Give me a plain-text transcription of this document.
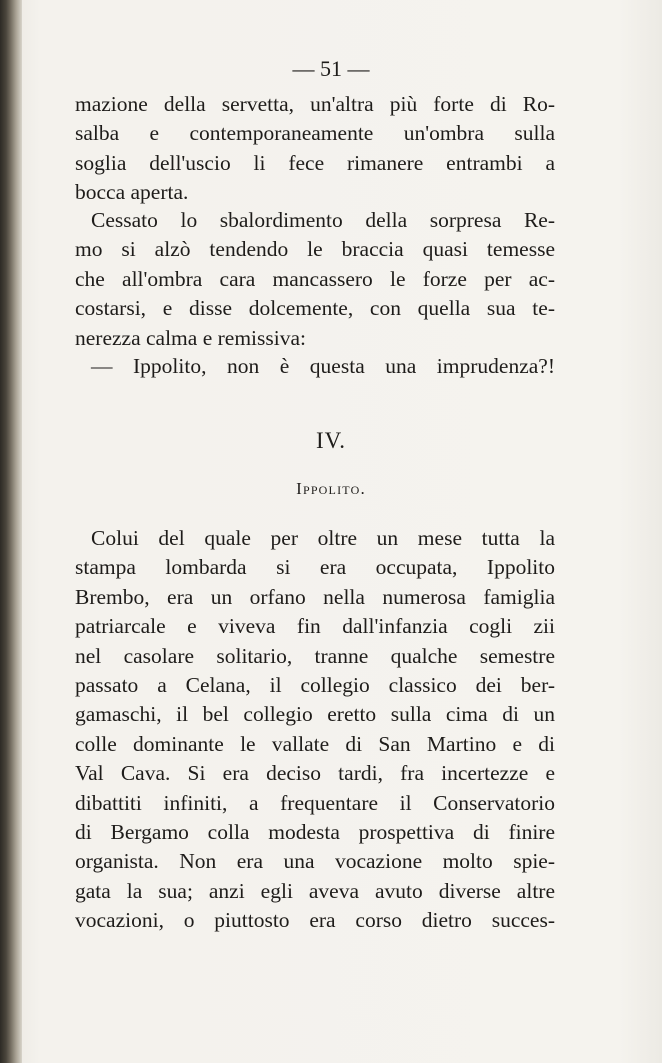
— 51 —

mazione della servetta, un'altra più forte di Ro-
salba e contemporaneamente un'ombra sulla
soglia dell'uscio li fece rimanere entrambi a
bocca aperta.

Cessato lo sbalordimento della sorpresa Re-
mo si alzò tendendo le braccia quasi temesse
che all'ombra cara mancassero le forze per ac-
costarsi, e disse dolcemente, con quella sua te-
nerezza calma e remissiva:

— Ippolito, non è questa una imprudenza?!

IV.
Ippolito.

Colui del quale per oltre un mese tutta la
stampa lombarda si era occupata, Ippolito
Brembo, era un orfano nella numerosa famiglia
patriarcale e viveva fin dall'infanzia cogli zii
nel casolare solitario, tranne qualche semestre
passato a Celana, il collegio classico dei ber-
gamaschi, il bel collegio eretto sulla cima di un
colle dominante le vallate di San Martino e di
Val Cava. Si era deciso tardi, fra incertezze e
dibattiti infiniti, a frequentare il Conservatorio
di Bergamo colla modesta prospettiva di finire
organista. Non era una vocazione molto spie-
gata la sua; anzi egli aveva avuto diverse altre
vocazioni, o piuttosto era corso dietro succes-
